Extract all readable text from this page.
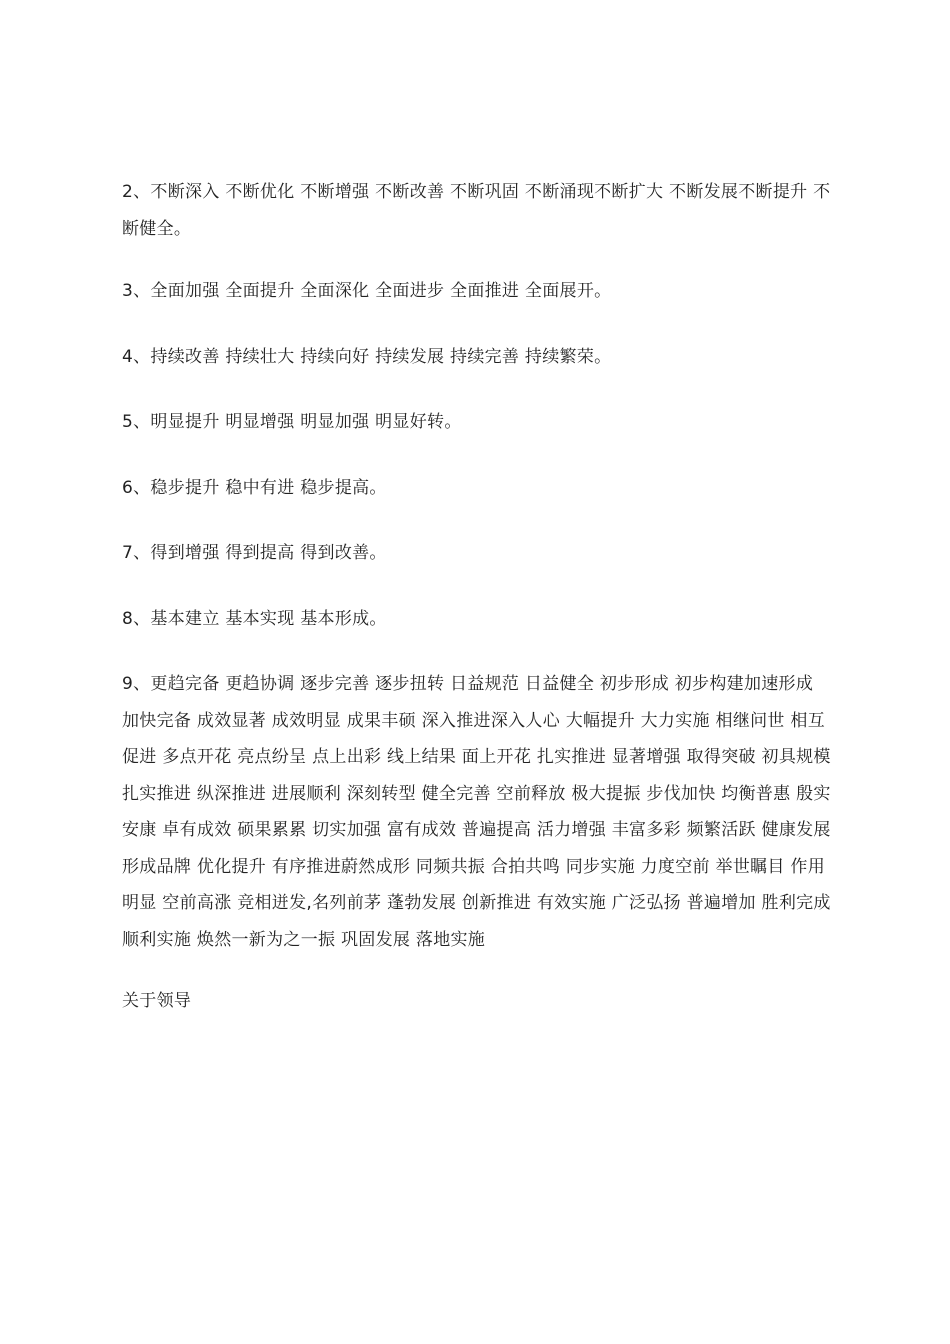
2、不断深入 不断优化 不断增强 不断改善 不断巩固 不断涌现不断扩大 不断发展不断提升 不断健全。

3、全面加强 全面提升 全面深化 全面进步 全面推进 全面展开。

4、持续改善 持续壮大 持续向好 持续发展 持续完善 持续繁荣。

5、明显提升 明显增强 明显加强 明显好转。

6、稳步提升 稳中有进 稳步提高。

7、得到增强 得到提高 得到改善。

8、基本建立 基本实现 基本形成。

9、更趋完备 更趋协调 逐步完善 逐步扭转 日益规范 日益健全 初步形成 初步构建加速形成 加快完备 成效显著 成效明显 成果丰硕 深入推进深入人心 大幅提升 大力实施 相继问世 相互促进 多点开花 亮点纷呈 点上出彩 线上结果 面上开花 扎实推进 显著增强 取得突破 初具规模 扎实推进 纵深推进 进展顺利 深刻转型 健全完善 空前释放 极大提振 步伐加快 均衡普惠 殷实安康 卓有成效 硕果累累 切实加强 富有成效 普遍提高 活力增强 丰富多彩 频繁活跃 健康发展 形成品牌 优化提升 有序推进蔚然成形 同频共振 合拍共鸣 同步实施 力度空前 举世瞩目 作用明显 空前高涨 竞相迸发,名列前茅 蓬勃发展 创新推进 有效实施 广泛弘扬 普遍增加 胜利完成 顺利实施 焕然一新为之一振 巩固发展 落地实施

关于领导
